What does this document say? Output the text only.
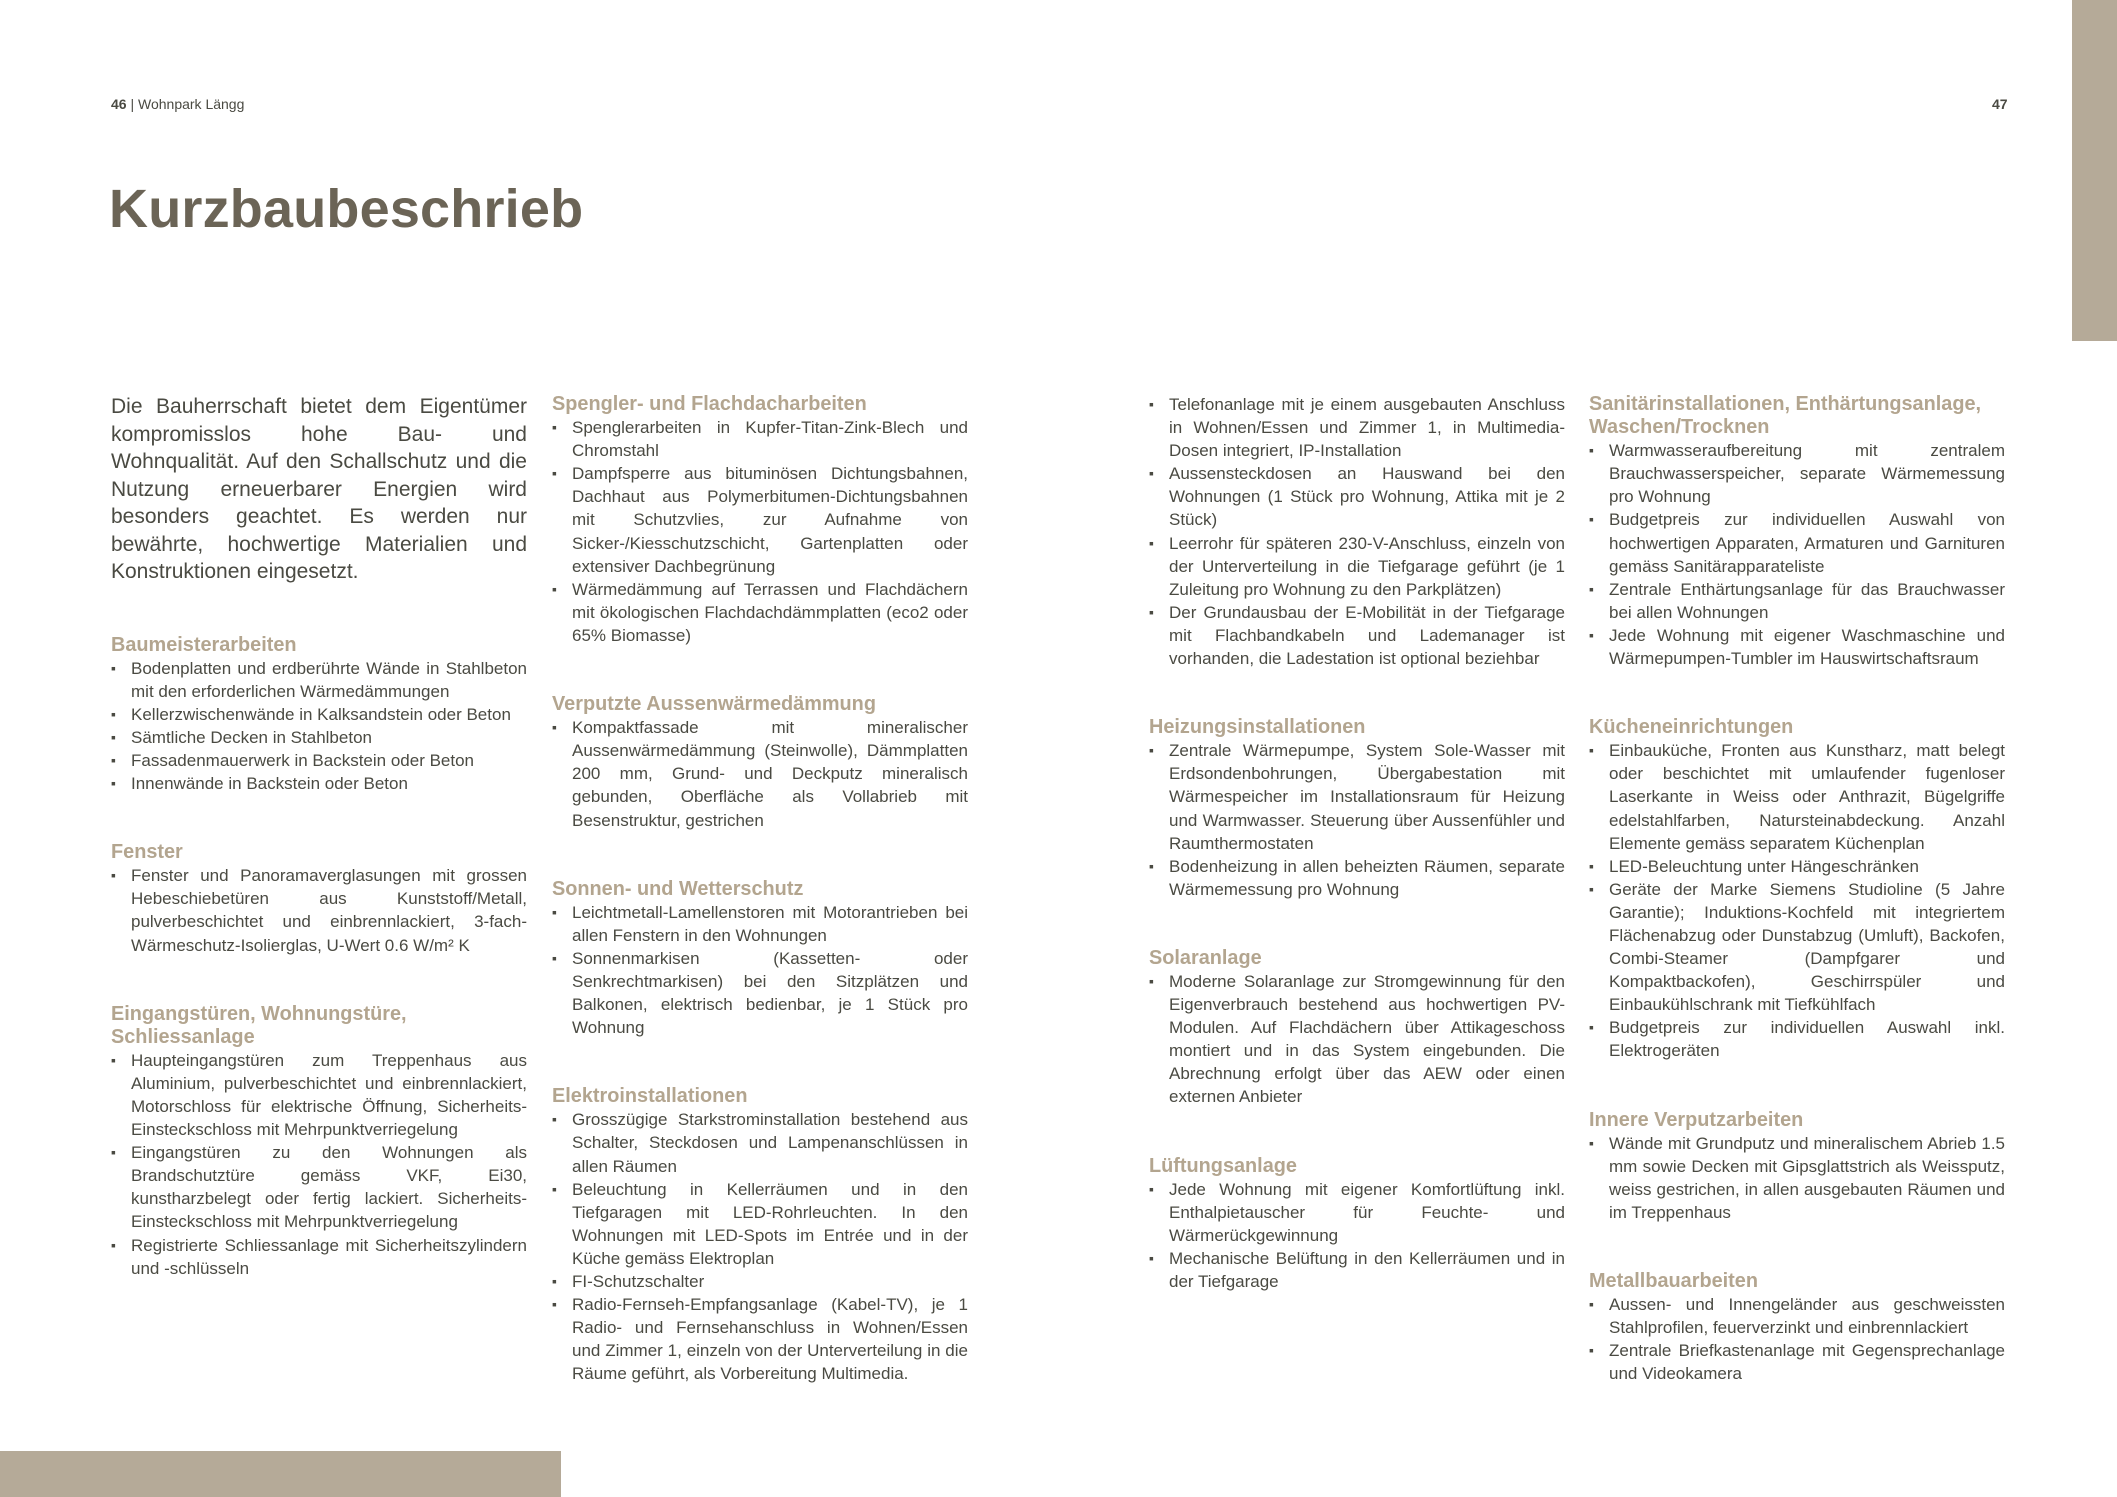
46 | Wohnpark Längg	47
Kurzbaubeschrieb

Die Bauherrschaft bietet dem Eigentümer kompromisslos hohe Bau- und Wohnqualität. Auf den Schallschutz und die Nutzung erneuerbarer Energien wird besonders geachtet. Es werden nur bewährte, hochwertige Materialien und Konstruktionen eingesetzt.

Baumeisterarbeiten
▪ Bodenplatten und erdberührte Wände in Stahlbeton mit den erforderlichen Wärmedämmungen
▪ Kellerzwischenwände in Kalksandstein oder Beton
▪ Sämtliche Decken in Stahlbeton
▪ Fassadenmauerwerk in Backstein oder Beton
▪ Innenwände in Backstein oder Beton
Fenster
▪ Fenster und Panoramaverglasungen mit grossen Hebeschiebetüren aus Kunststoff/Metall, pulverbeschichtet und einbrennlackiert, 3-fach-Wärmeschutz-Isolierglas, U-Wert 0.6 W/m² K
Eingangstüren, Wohnungstüre, Schliessanlage
▪ Haupteingangstüren zum Treppenhaus aus Aluminium, pulverbeschichtet und einbrennlackiert, Motorschloss für elektrische Öffnung, Sicherheits-Einsteckschloss mit Mehrpunktverriegelung
▪ Eingangstüren zu den Wohnungen als Brandschutztüre gemäss VKF, Ei30, kunstharzbelegt oder fertig lackiert. Sicherheits-Einsteckschloss mit Mehrpunktverriegelung
▪ Registrierte Schliessanlage mit Sicherheitszylindern und -schlüsseln
Spengler- und Flachdacharbeiten
▪ Spenglerarbeiten in Kupfer-Titan-Zink-Blech und Chromstahl
▪ Dampfsperre aus bituminösen Dichtungsbahnen, Dachhaut aus Polymerbitumen-Dichtungsbahnen mit Schutzvlies, zur Aufnahme von Sicker-/Kiesschutzschicht, Gartenplatten oder extensiver Dachbegrünung
▪ Wärmedämmung auf Terrassen und Flachdächern mit ökologischen Flachdachdämmplatten (eco2 oder 65% Biomasse)
Verputzte Aussenwärmedämmung
▪ Kompaktfassade mit mineralischer Aussenwärmedämmung (Steinwolle), Dämmplatten 200 mm, Grund- und Deckputz mineralisch gebunden, Oberfläche als Vollabrieb mit Besenstruktur, gestrichen
Sonnen- und Wetterschutz
▪ Leichtmetall-Lamellenstoren mit Motorantrieben bei allen Fenstern in den Wohnungen
▪ Sonnenmarkisen (Kassetten- oder Senkrechtmarkisen) bei den Sitzplätzen und Balkonen, elektrisch bedienbar, je 1 Stück pro Wohnung
Elektroinstallationen
▪ Grosszügige Starkstrominstallation bestehend aus Schalter, Steckdosen und Lampenanschlüssen in allen Räumen
▪ Beleuchtung in Kellerräumen und in den Tiefgaragen mit LED-Rohrleuchten. In den Wohnungen mit LED-Spots im Entrée und in der Küche gemäss Elektroplan
▪ FI-Schutzschalter
▪ Radio-Fernseh-Empfangsanlage (Kabel-TV), je 1 Radio- und Fernsehanschluss in Wohnen/Essen und Zimmer 1, einzeln von der Unterverteilung in die Räume geführt, als Vorbereitung Multimedia.
▪ Telefonanlage mit je einem ausgebauten Anschluss in Wohnen/Essen und Zimmer 1, in Multimedia-Dosen integriert, IP-Installation
▪ Aussensteckdosen an Hauswand bei den Wohnungen (1 Stück pro Wohnung, Attika mit je 2 Stück)
▪ Leerrohr für späteren 230-V-Anschluss, einzeln von der Unterverteilung in die Tiefgarage geführt (je 1 Zuleitung pro Wohnung zu den Parkplätzen)
▪ Der Grundausbau der E-Mobilität in der Tiefgarage mit Flachbandkabeln und Lademanager ist vorhanden, die Ladestation ist optional beziehbar
Heizungsinstallationen
▪ Zentrale Wärmepumpe, System Sole-Wasser mit Erdsondenbohrungen, Übergabestation mit Wärmespeicher im Installationsraum für Heizung und Warmwasser. Steuerung über Aussenfühler und Raumthermostaten
▪ Bodenheizung in allen beheizten Räumen, separate Wärmemessung pro Wohnung
Solaranlage
▪ Moderne Solaranlage zur Stromgewinnung für den Eigenverbrauch bestehend aus hochwertigen PV-Modulen. Auf Flachdächern über Attikageschoss montiert und in das System eingebunden. Die Abrechnung erfolgt über das AEW oder einen externen Anbieter
Lüftungsanlage
▪ Jede Wohnung mit eigener Komfortlüftung inkl. Enthalpietauscher für Feuchte- und Wärmerückgewinnung
▪ Mechanische Belüftung in den Kellerräumen und in der Tiefgarage
Sanitärinstallationen, Enthärtungsanlage, Waschen/Trocknen
▪ Warmwasseraufbereitung mit zentralem Brauchwasserspeicher, separate Wärmemessung pro Wohnung
▪ Budgetpreis zur individuellen Auswahl von hochwertigen Apparaten, Armaturen und Garnituren gemäss Sanitärapparateliste
▪ Zentrale Enthärtungsanlage für das Brauchwasser bei allen Wohnungen
▪ Jede Wohnung mit eigener Waschmaschine und Wärmepumpen-Tumbler im Hauswirtschaftsraum
Kücheneinrichtungen
▪ Einbauküche, Fronten aus Kunstharz, matt belegt oder beschichtet mit umlaufender fugenloser Laserkante in Weiss oder Anthrazit, Bügelgriffe edelstahlfarben, Natursteinabdeckung. Anzahl Elemente gemäss separatem Küchenplan
▪ LED-Beleuchtung unter Hängeschränken
▪ Geräte der Marke Siemens Studioline (5 Jahre Garantie); Induktions-Kochfeld mit integriertem Flächenabzug oder Dunstabzug (Umluft), Backofen, Combi-Steamer (Dampfgarer und Kompaktbackofen), Geschirrspüler und Einbaukühlschrank mit Tiefkühlfach
▪ Budgetpreis zur individuellen Auswahl inkl. Elektrogeräten
Innere Verputzarbeiten
▪ Wände mit Grundputz und mineralischem Abrieb 1.5 mm sowie Decken mit Gipsglattstrich als Weissputz, weiss gestrichen, in allen ausgebauten Räumen und im Treppenhaus
Metallbauarbeiten
▪ Aussen- und Innengeländer aus geschweissten Stahlprofilen, feuerverzinkt und einbrennlackiert
▪ Zentrale Briefkastenanlage mit Gegensprechanlage und Videokamera
